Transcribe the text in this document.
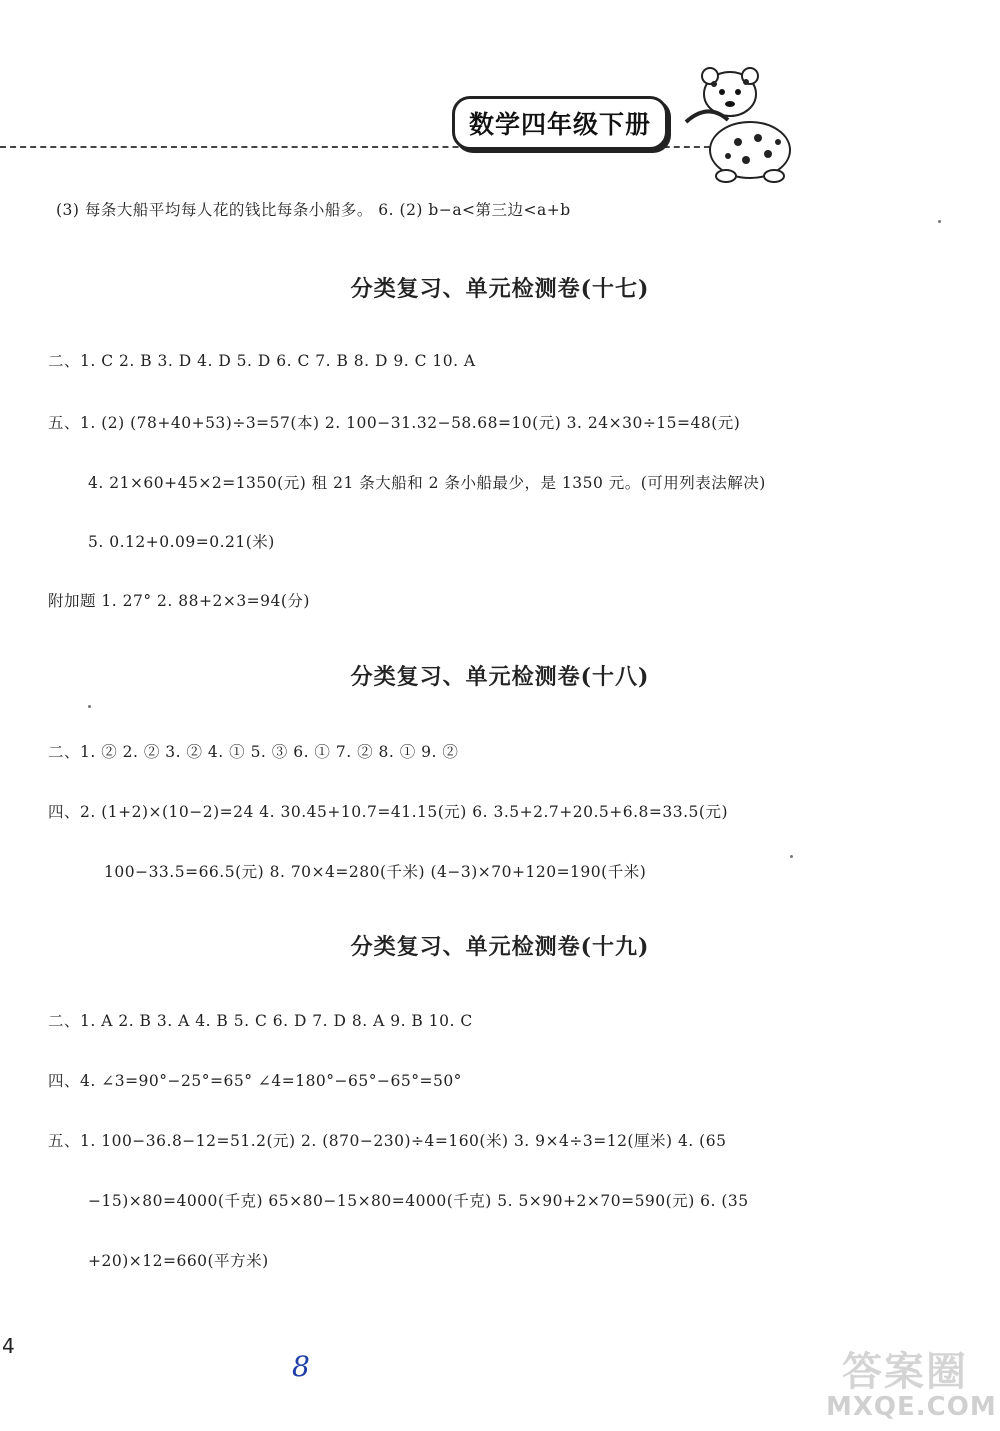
数学四年级下册
(3) 每条大船平均每人花的钱比每条小船多。 6. (2) b−a<第三边<a+b
分类复习、单元检测卷(十七)
二、1. C 2. B 3. D 4. D 5. D 6. C 7. B 8. D 9. C 10. A
五、1. (2) (78+40+53)÷3=57(本) 2. 100−31.32−58.68=10(元) 3. 24×30÷15=48(元)
4. 21×60+45×2=1350(元) 租 21 条大船和 2 条小船最少，是 1350 元。(可用列表法解决)
5. 0.12+0.09=0.21(米)
附加题 1. 27° 2. 88+2×3=94(分)
分类复习、单元检测卷(十八)
二、1. ② 2. ② 3. ② 4. ① 5. ③ 6. ① 7. ② 8. ① 9. ②
四、2. (1+2)×(10−2)=24 4. 30.45+10.7=41.15(元) 6. 3.5+2.7+20.5+6.8=33.5(元)
100−33.5=66.5(元) 8. 70×4=280(千米) (4−3)×70+120=190(千米)
分类复习、单元检测卷(十九)
二、1. A 2. B 3. A 4. B 5. C 6. D 7. D 8. A 9. B 10. C
四、4. ∠3=90°−25°=65° ∠4=180°−65°−65°=50°
五、1. 100−36.8−12=51.2(元) 2. (870−230)÷4=160(米) 3. 9×4÷3=12(厘米) 4. (65
−15)×80=4000(千克) 65×80−15×80=4000(千克) 5. 5×90+2×70=590(元) 6. (35
+20)×12=660(平方米)
4
8	答案圈
MXQE.COM
